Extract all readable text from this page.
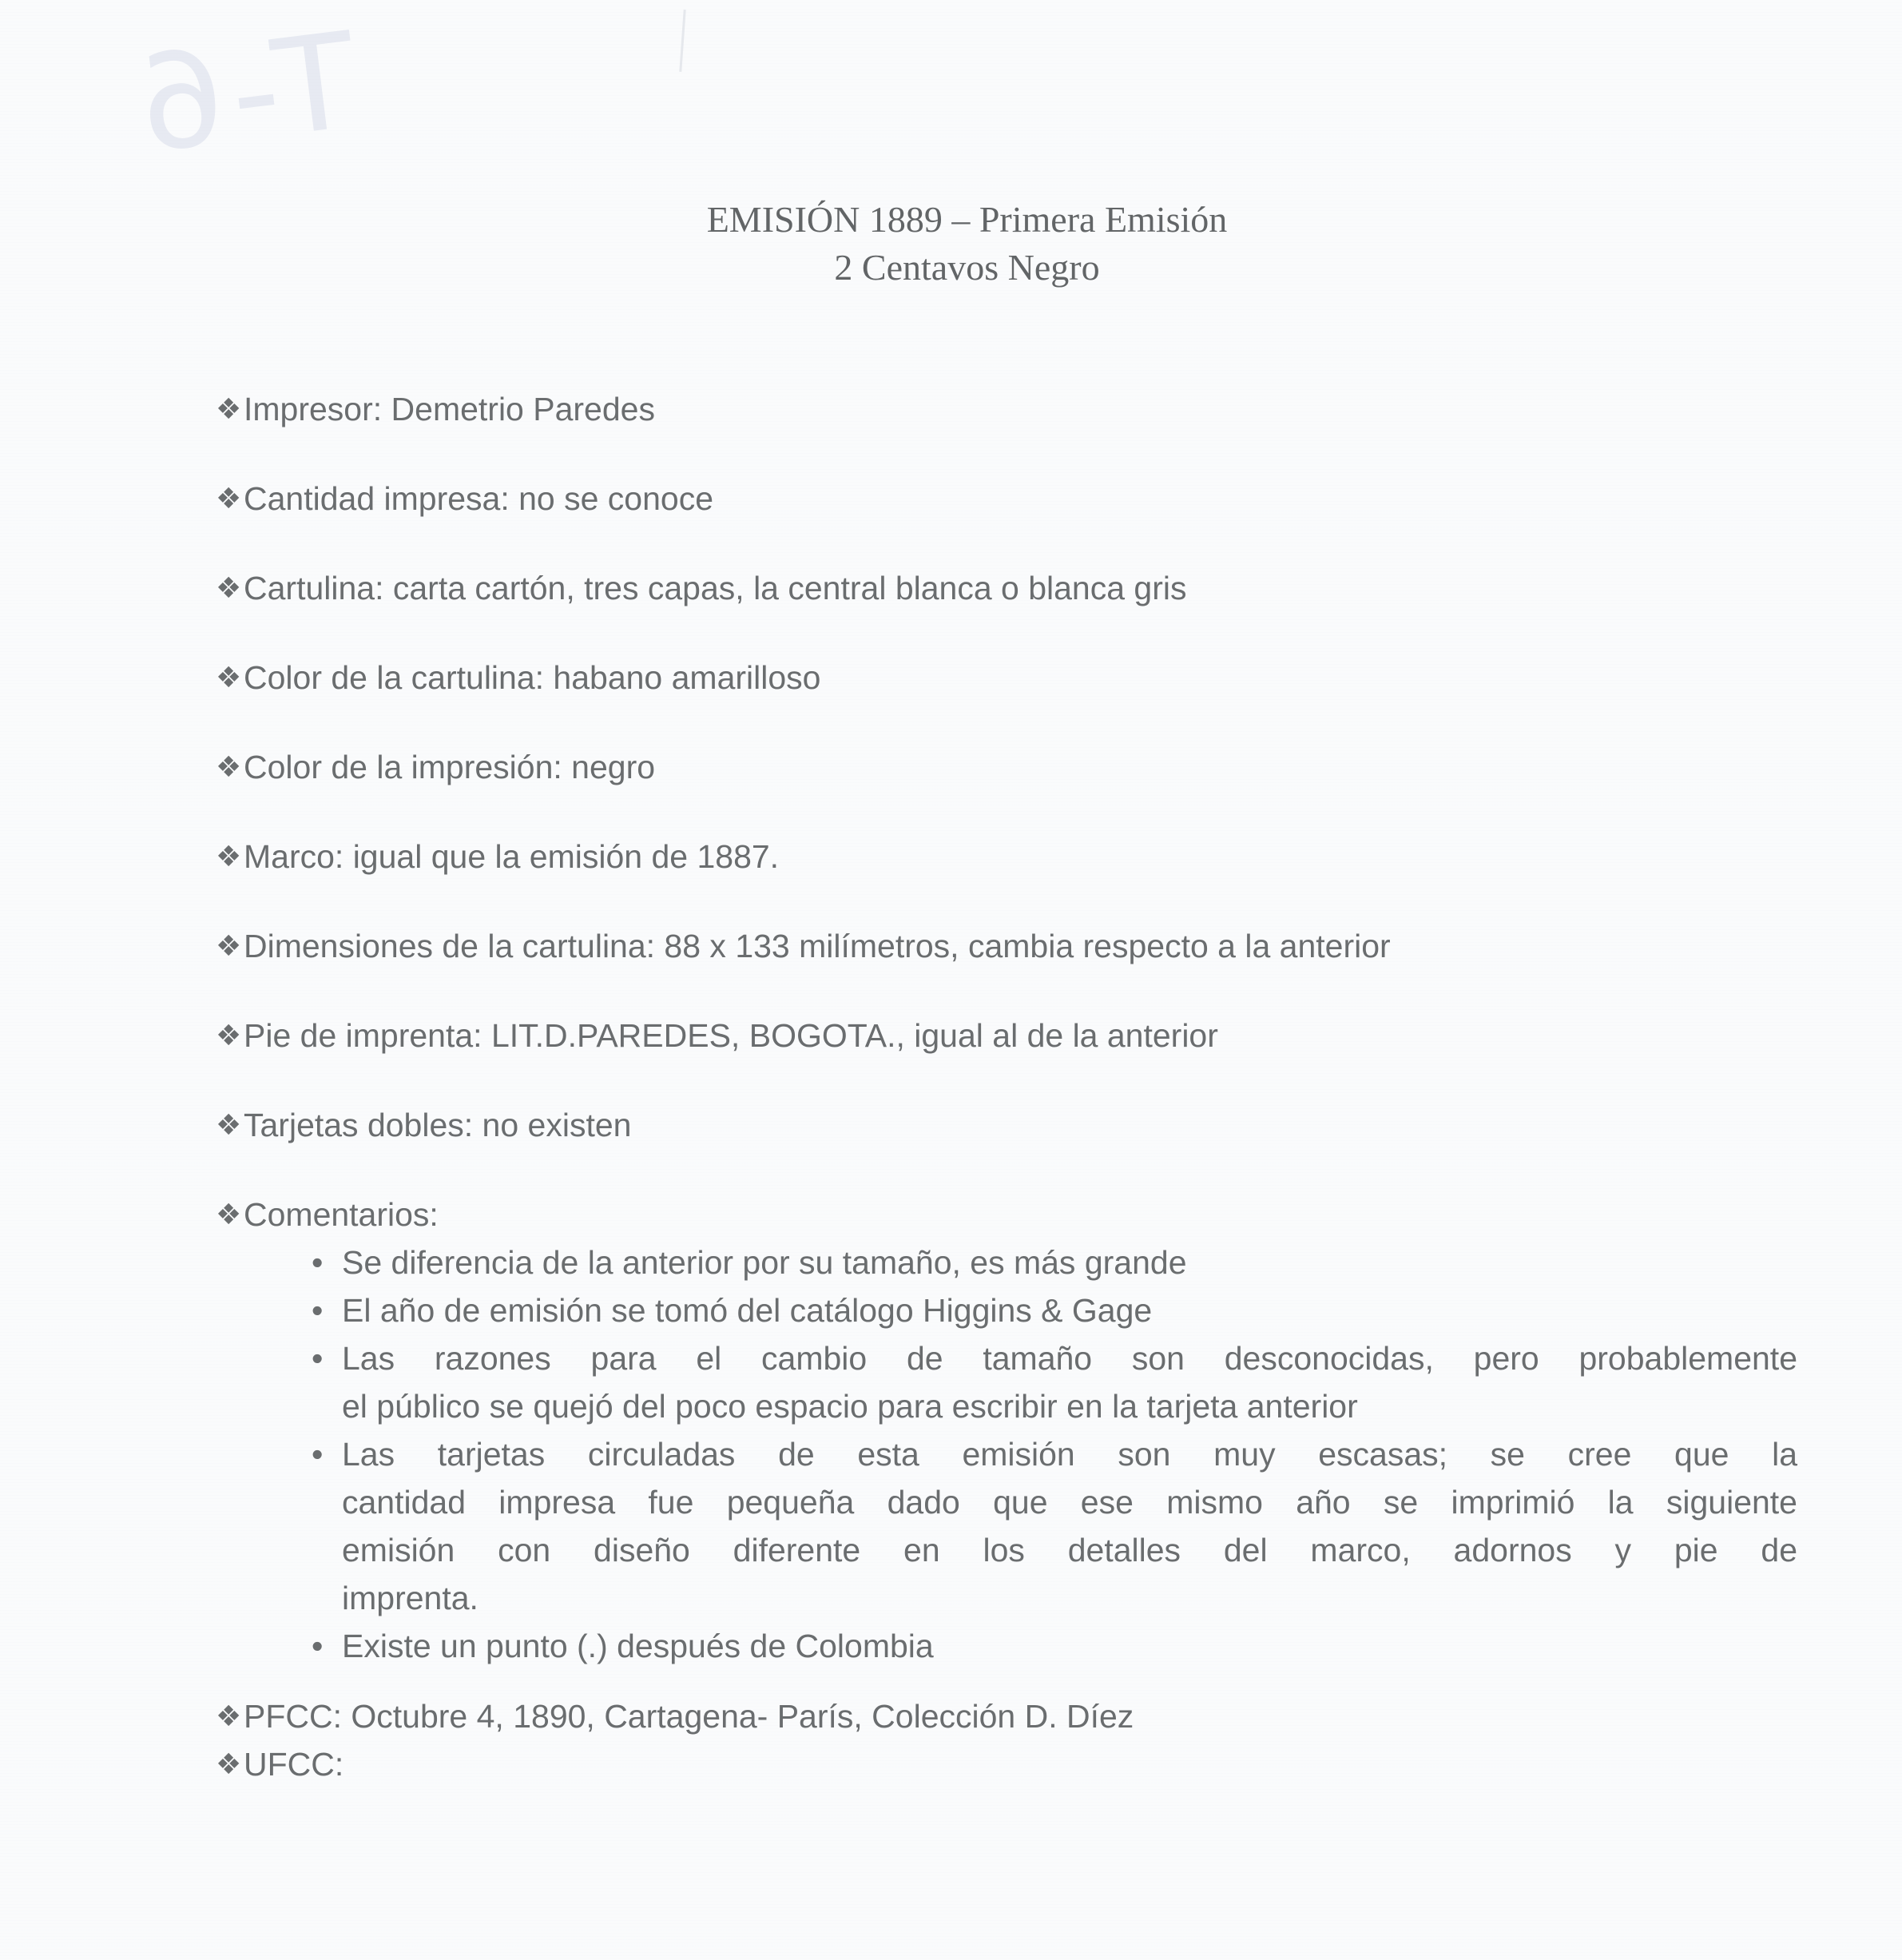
T-6
EMISIÓN 1889 – Primera Emisión
2 Centavos Negro
❖ Impresor: Demetrio Paredes
❖ Cantidad impresa: no se conoce
❖ Cartulina: carta cartón, tres capas, la central blanca o blanca gris
❖ Color de la cartulina: habano amarilloso
❖ Color de la impresión: negro
❖ Marco: igual que la emisión de 1887.
❖ Dimensiones de la cartulina: 88 x 133 milímetros, cambia respecto a la anterior
❖ Pie de imprenta: LIT.D.PAREDES, BOGOTA., igual al de la anterior
❖ Tarjetas dobles: no existen
❖ Comentarios:
• Se diferencia de la anterior por su tamaño, es más grande
• El año de emisión se tomó del catálogo Higgins & Gage
• Las razones para el cambio de tamaño son desconocidas, pero probablemente
el público se quejó del poco espacio para escribir en la tarjeta anterior
• Las tarjetas circuladas de esta emisión son muy escasas; se cree que la
cantidad impresa fue pequeña dado que ese mismo año se imprimió la siguiente
emisión con diseño diferente en los detalles del marco, adornos y pie de
imprenta.
• Existe un punto (.) después de Colombia
❖ PFCC: Octubre 4, 1890, Cartagena- París, Colección D. Díez
❖ UFCC:
